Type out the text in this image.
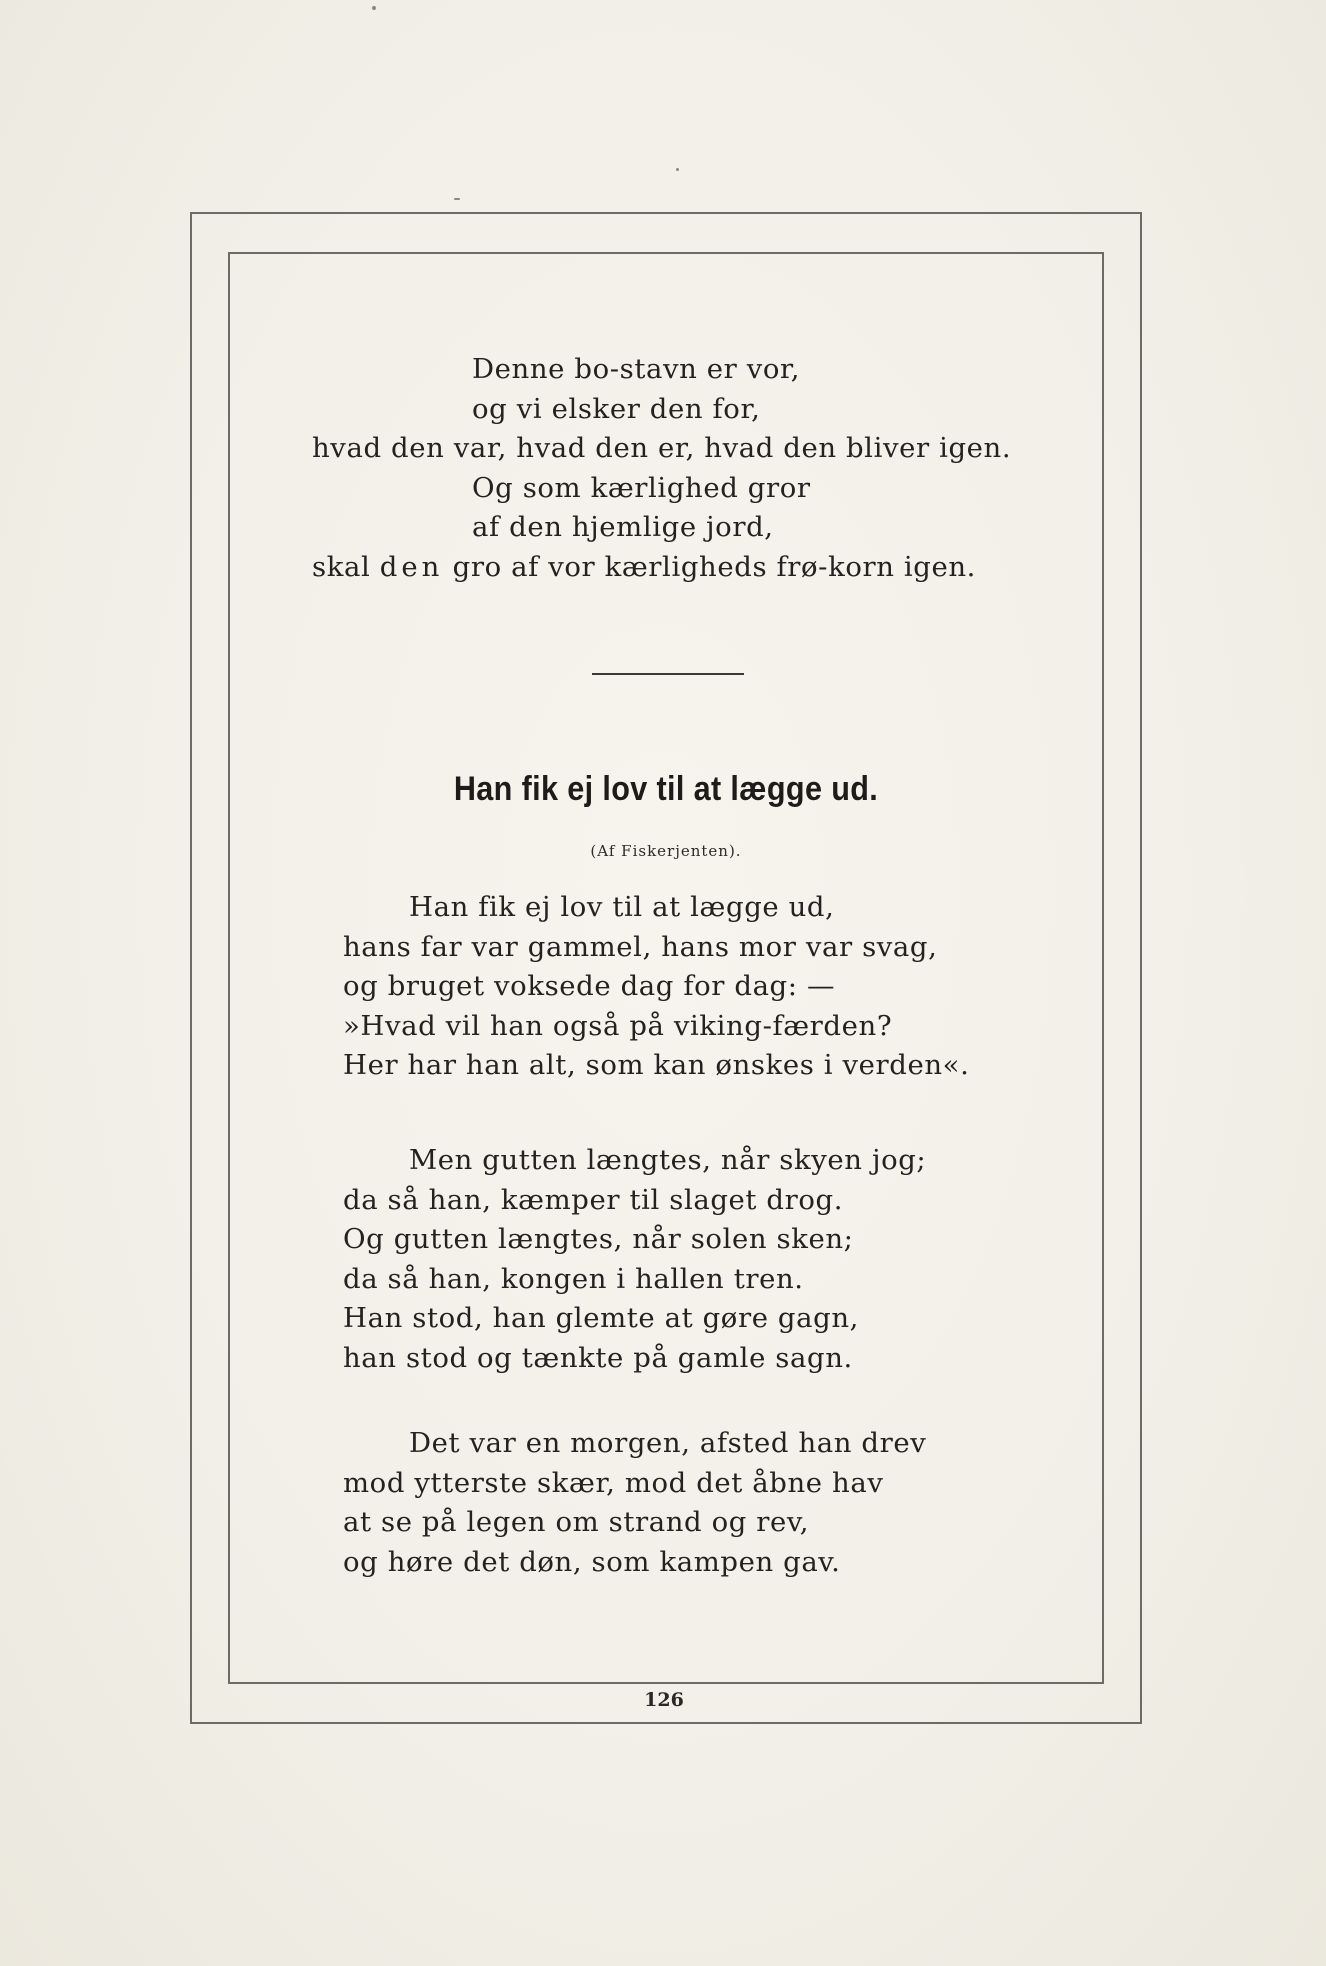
Denne bo-stavn er vor,
og vi elsker den for,
hvad den var, hvad den er, hvad den bliver igen.
Og som kærlighed gror
af den hjemlige jord,
skal den gro af vor kærligheds frø-korn igen.
Han fik ej lov til at lægge ud.
(Af Fiskerjenten).
Han fik ej lov til at lægge ud,
hans far var gammel, hans mor var svag,
og bruget voksede dag for dag: —
»Hvad vil han også på viking-færden?
Her har han alt, som kan ønskes i verden«.
Men gutten længtes, når skyen jog;
da så han, kæmper til slaget drog.
Og gutten længtes, når solen sken;
da så han, kongen i hallen tren.
Han stod, han glemte at gøre gagn,
han stod og tænkte på gamle sagn.
Det var en morgen, afsted han drev
mod ytterste skær, mod det åbne hav
at se på legen om strand og rev,
og høre det døn, som kampen gav.
126
